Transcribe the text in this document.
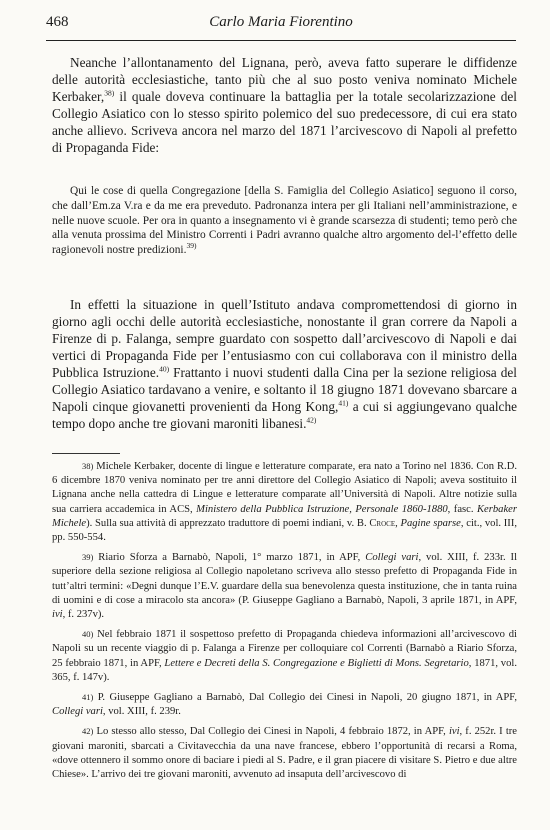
468	Carlo Maria Fiorentino

Neanche l’allontanamento del Lignana, però, aveva fatto superare le diffidenze delle autorità ecclesiastiche, tanto più che al suo posto veniva nominato Michele Kerbaker,$^{38)}$ il quale doveva continuare la battaglia per la totale secolarizzazione del Collegio Asiatico con lo stesso spirito polemico del suo predecessore, di cui era stato anche allievo. Scriveva ancora nel marzo del 1871 l’arcivescovo di Napoli al prefetto di Propaganda Fide:

Qui le cose di quella Congregazione [della S. Famiglia del Collegio Asiatico] seguono il corso, che dall’Em.za V.ra e da me era preveduto. Padronanza intera per gli Italiani nell’amministrazione, e nelle nuove scuole. Per ora in quanto a insegnamento vi è grande scarsezza di studenti; temo però che alla venuta prossima del Ministro Correnti i Padri avranno qualche altro argomento del-l’effetto delle ragionevoli nostre predizioni.$^{39)}$

In effetti la situazione in quell’Istituto andava compromettendosi di giorno in giorno agli occhi delle autorità ecclesiastiche, nonostante il gran correre da Napoli a Firenze di p. Falanga, sempre guardato con sospetto dall’arcivescovo di Napoli e dai vertici di Propaganda Fide per l’entusiasmo con cui collaborava con il ministro della Pubblica Istruzione.$^{40)}$ Frattanto i nuovi studenti dalla Cina per la sezione religiosa del Collegio Asiatico tardavano a venire, e soltanto il 18 giugno 1871 dovevano sbarcare a Napoli cinque giovanetti provenienti da Hong Kong,$^{41)}$ a cui si aggiungevano qualche tempo dopo anche tre giovani maroniti libanesi.$^{42)}$

38) Michele Kerbaker, docente di lingue e letterature comparate, era nato a Torino nel 1836. Con R.D. 6 dicembre 1870 veniva nominato per tre anni direttore del Collegio Asiatico di Napoli; aveva sostituito il Lignana anche nella cattedra di Lingue e letterature comparate all’Università di Napoli. Altre notizie sulla sua carriera accademica in ACS, Ministero della Pubblica Istruzione, Personale 1860-1880, fasc. Kerbaker Michele). Sulla sua attività di apprezzato traduttore di poemi indiani, v. B. Croce, Pagine sparse, cit., vol. III, pp. 550-554.

39) Riario Sforza a Barnabò, Napoli, 1° marzo 1871, in APF, Collegi vari, vol. XIII, f. 233r. Il superiore della sezione religiosa al Collegio napoletano scriveva allo stesso prefetto di Propaganda Fide in tutt’altri termini: «Degni dunque l’E.V. guardare della sua benevolenza questa instituzione, che in tanta ruina di uomini e di cose a miracolo sta ancora» (P. Giuseppe Gagliano a Barnabò, Napoli, 3 aprile 1871, in APF, ivi, f. 237v).

40) Nel febbraio 1871 il sospettoso prefetto di Propaganda chiedeva informazioni all’arcivescovo di Napoli su un recente viaggio di p. Falanga a Firenze per colloquiare col Correnti (Barnabò a Riario Sforza, 25 febbraio 1871, in APF, Lettere e Decreti della S. Congregazione e Biglietti di Mons. Segretario, 1871, vol. 365, f. 147v).

41) P. Giuseppe Gagliano a Barnabò, Dal Collegio dei Cinesi in Napoli, 20 giugno 1871, in APF, Collegi vari, vol. XIII, f. 239r.

42) Lo stesso allo stesso, Dal Collegio dei Cinesi in Napoli, 4 febbraio 1872, in APF, ivi, f. 252r. I tre giovani maroniti, sbarcati a Civitavecchia da una nave francese, ebbero l’opportunità di recarsi a Roma, «dove ottennero il sommo onore di baciare i piedi al S. Padre, e il gran piacere di visitare S. Pietro e due altre Chiese». L’arrivo dei tre giovani maroniti, avvenuto ad insaputa dell’arcivescovo di
